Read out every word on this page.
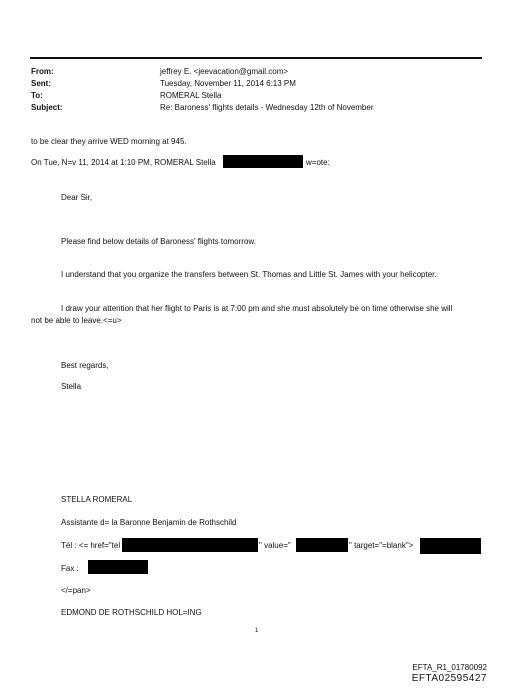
From:	jeffrey E. <jeevacation@gmail.com>
Sent:	Tuesday, November 11, 2014 6:13 PM
To:	ROMERAL Stella
Subject:	Re: Baroness' flights details - Wednesday 12th of November
to be clear they arrive WED morning at 945.
On Tue, N=v 11, 2014 at 1:10 PM, ROMERAL Stella	w=ote:
Dear Sir,
Please find below details of Baroness' flights tomorrow.
I understand that you organize the transfers between St. Thomas and Little St. James with your helicopter.
I draw your attention that her flight to Paris is at 7:00 pm and she must absolutely be on time otherwise she will
not be able to leave.<=u>
Best regards,
Stella
STELLA ROMERAL
Assistante d= la Baronne Benjamin de Rothschild
Tél : <= href="tel	" value="	" target="=blank">
Fax :
</=pan>
EDMOND DE ROTHSCHILD HOL=ING
1
EFTA_R1_01780092
EFTA02595427
